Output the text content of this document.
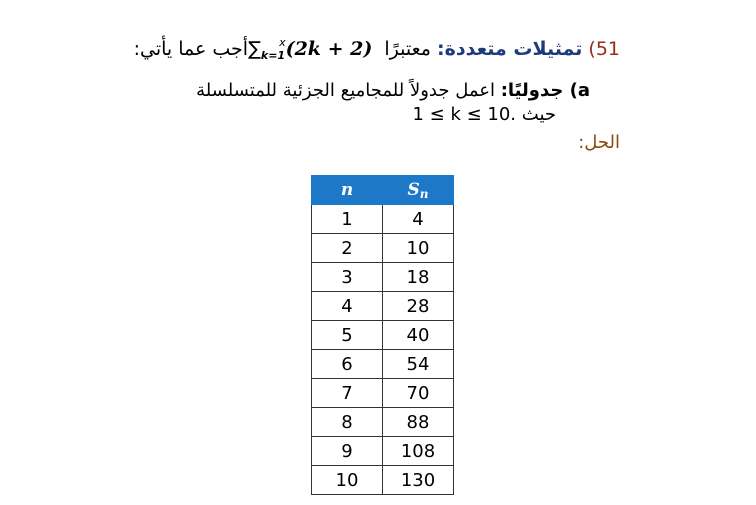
51) تمثيلات متعددة: معتبرًا $\sum_{k=1}^x(2k + 2)$ أجب عما يأتي:
a) جدوليًا: اعمل جدولاً للمجاميع الجزئية للمتسلسلة
حيث 1 ≤ k ≤ 10.
الحل:
n	Sn
1	4
2	10
3	18
4	28
5	40
6	54
7	70
8	88
9	108
10	130
